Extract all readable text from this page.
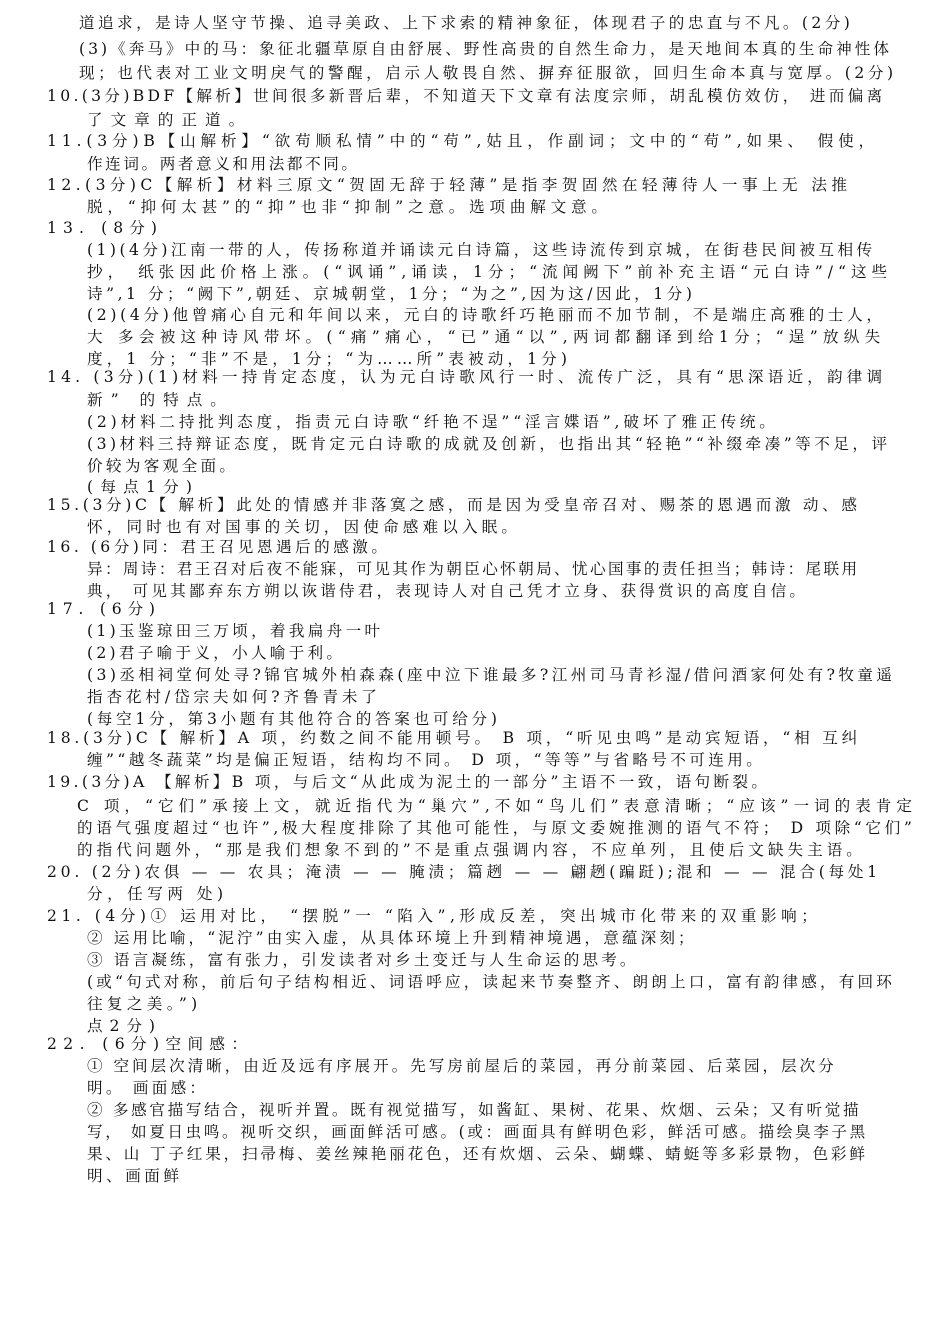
道追求，是诗人坚守节操、追寻美政、上下求索的精神象征，体现君子的忠直与不凡。(2分)

(3)《奔马》中的马：象征北疆草原自由舒展、野性高贵的自然生命力，是天地间本真的生命神性体

现；也代表对工业文明戾气的警醒，启示人敬畏自然、摒弃征服欲，回归生命本真与宽厚。(2分)

10.(3分)BDF【解析】世间很多新晋后辈，不知道天下文章有法度宗师，胡乱模仿效仿， 进而偏离

了文章的正道。

11.(3分)B【山解析】“欲苟顺私情”中的“苟”,姑且，作副词；文中的“苟”,如果、 假使，

作连词。两者意义和用法都不同。

12.(3分)C【解析】材料三原文“贺固无辞于轻薄”是指李贺固然在轻薄待人一事上无 法推

脱，“抑何太甚”的“抑”也非“抑制”之意。选项曲解文意。

13. (8分)

(1)(4分)江南一带的人，传扬称道并诵读元白诗篇，这些诗流传到京城，在街巷民间被互相传

抄， 纸张因此价格上涨。(“讽诵”,诵读，1分；“流闻阙下”前补充主语“元白诗”/“这些

诗”,1 分；“阙下”,朝廷、京城朝堂，1分；“为之”,因为这/因此，1分)

(2)(4分)他曾痛心自元和年间以来，元白的诗歌纤巧艳丽而不加节制，不是端庄高雅的士人，

大 多会被这种诗风带坏。(“痛”痛心，“已”通“以”,两词都翻译到给1分；“逞”放纵失

度，1 分；“非”不是，1分；“为……所”表被动，1分)

14. (3分)(1)材料一持肯定态度，认为元白诗歌风行一时、流传广泛，具有“思深语近，韵律调

新” 的特点。

(2)材料二持批判态度，指责元白诗歌“纤艳不逞”“淫言媟语”,破坏了雅正传统。

(3)材料三持辩证态度，既肯定元白诗歌的成就及创新，也指出其“轻艳”“补缀牵凑”等不足，评

价较为客观全面。

(每点1分)

15.(3分)C【 解析】此处的情感并非落寞之感，而是因为受皇帝召对、赐茶的恩遇而激 动、感

怀，同时也有对国事的关切，因使命感难以入眠。

16. (6分)同：君王召见恩遇后的感激。

异：周诗：君王召对后夜不能寐，可见其作为朝臣心怀朝局、忧心国事的责任担当；韩诗：尾联用

典， 可见其鄙弃东方朔以诙谐侍君，表现诗人对自己凭才立身、获得赏识的高度自信。

17. (6分)

(1)玉鉴琼田三万顷，着我扁舟一叶

(2)君子喻于义，小人喻于利。

(3)丞相祠堂何处寻?锦官城外柏森森(座中泣下谁最多?江州司马青衫湿/借问酒家何处有?牧童遥

指杏花村/岱宗夫如何?齐鲁青未了

(每空1分，第3小题有其他符合的答案也可给分)

18.(3分)C【 解析】A 项，约数之间不能用顿号。 B 项，“听见虫鸣”是动宾短语，“相 互纠

缠”“越冬蔬菜”均是偏正短语，结构均不同。 D 项，“等等”与省略号不可连用。

19.(3分)A 【解析】B 项，与后文“从此成为泥土的一部分”主语不一致，语句断裂。

C 项，“它们”承接上文，就近指代为“巢穴”,不如“鸟儿们”表意清晰；“应该”一词的表肯定

的语气强度超过“也许”,极大程度排除了其他可能性，与原文委婉推测的语气不符； D 项除“它们”

的指代问题外，“那是我们想象不到的”不是重点强调内容，不应单列，且使后文缺失主语。

20. (2分)农俱 — — 农具；淹渍 — — 腌渍；篇趔 — — 翩趔(蹁跹);混和 — — 混合(每处1

分，任写两 处)

21. (4分)① 运用对比， “摆脱”一 “陷入”,形成反差，突出城市化带来的双重影响；

② 运用比喻，“泥泞”由实入虚，从具体环境上升到精神境遇，意蕴深刻；

③ 语言凝练，富有张力，引发读者对乡土变迁与人生命运的思考。

(或“句式对称，前后句子结构相近、词语呼应，读起来节奏整齐、朗朗上口，富有韵律感，有回环

往复之美。”)

点2分)

22. (6分)空间感：

① 空间层次清晰，由近及远有序展开。先写房前屋后的菜园，再分前菜园、后菜园，层次分

明。 画面感：

② 多感官描写结合，视听并置。既有视觉描写，如酱缸、果树、花果、炊烟、云朵；又有听觉描

写， 如夏日虫鸣。视听交织，画面鲜活可感。(或：画面具有鲜明色彩，鲜活可感。描绘臭李子黑

果、山 丁子红果，扫帚梅、姜丝辣艳丽花色，还有炊烟、云朵、蝴蝶、蜻蜓等多彩景物，色彩鲜

明、画面鲜
